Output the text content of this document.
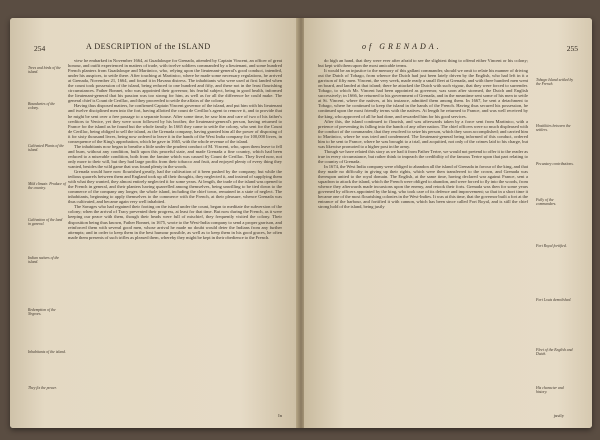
254	A DESCRIPTION of the ISLAND
Trees and birds of the island.
Boundaries of the colony.
Cultivated Plants of the island.
Mild climate. Produce of the country.
Cultivation of the land in general.
Indian natives of the island.
Redemption of the Negroes.
Inhabitants of the island.
They fix the power.

view he embarked in November 1664, at Guadaloupe for Grenada, attended by Captain Vincent, an officer of great honour, and outfit experienced in matters of trade, with twelve soldiers commanded by a lieutenant, and some hundred French planters from Guadaloupe and Martinico, who, relying upon the lieutenant-general's good conduct, intended, under his auspices, to settle there. After touching at Martinico, where he made some necessary regulations, he arrived at Grenada, November 21, 1664, and found it in Havana distress. The inhabitants who were used at first landed when the count took possession of the island, being reduced to one hundred and fifty, and these not in the least flourishing circumstances. Father Bonnet, who was appointed their governor, his fearful subject, being in good health, informed the lieutenant-general that his passion was too strong for him, as well as for all the difference he could make. The general chief is Count de Cerillac, and they proceeded to settle the affairs of the colony.

Having thus disposed matters, he confirmed Captain Vincent governor of the island, and put him with his lieutenant and twelve disciplined men into the fort, having allotted the count de Cerillac's agent to remove it, and to provide that he might be sent over a free passage to a separate house. After some time, he saw him and care of two of his father's creditors to Venice, yet they were soon followed by his brother, the lieutenant-general's person, having returned to France for the island as be found but the whole family. In 1665 they came to settle the colony, who sent for the Count de Cerillac, being obliged to sell the island, as the Grenada company, having granted him all the power of disposing of it for sixty thousand livres, being now ordered to leave it in the hands of the West India company for 100,000 livres, in consequence of the King's approbation, which he gave in 1665, with the whole revenue of the island.

The inhabitants now began to breathe a little under the prudent conduct of M. Vincent, who, upon them leave to fell and burn, without any condition, built upon this peaceful state, and made Grenada a fine country, which had been reduced to a miserable condition, both from the famine which was caused by Count de Cerillac. They lived now, not only more to their will, but they had large profits from their tobacco and fruit, and enjoyed plenty of every thing they wanted, besides the wild game that was found plenty in the woods.

Grenada would have now flourished greatly, had the cultivation of it been pushed by the company; but while the tedious quarrels between them and England took up all their thoughts, they neglected it, and instead of supplying them with what they wanted, they almost entirely neglected it for some years. At length, the trade of the island was opened to the French in general, and their planters having quarrelled among themselves, being unwilling to be tied down to the commerce of the company any longer, the whole island, including the chief town, remained in a state of neglect. The inhabitants, beginning to apply themselves to the commerce with the French, at their pleasure, whence Grenada was thus cultivated, and became again very well inhabited.

The Savages who had regained their footing on the island under the count, began to meditate the subversion of the colony; when the arrival of Tracy prevented their progress, at least for that time. But now during the French, as it were keeping our peace with them, though their heads were full of mischief, they frequently visited the colony. Their disposition being thus known, Father Bonnet, in 1675, wrote to the West-India company to send a proper garrison, and reinforced them with several good men, whose arrival he made no doubt would deter the Indians from any further attempts; and in order to keep them in the best humour possible, as well as to keep them in his good graces, he often made them presents of such trifles as pleased them, whereby they might be kept in their obedience to the French.

In
of GRENADA.	255

do high an hand, that they were ever after afraid to see the slightest thing to offend either Vincent or his colony; but kept with them upon the most amicable terms.

It would be an injustice to the memory of this gallant commander, should we omit to relate his manner of driving out the Dutch of Tobago, from whence the Dutch had just been lately driven by the English, who had left in it a garrison of fifty men. Vincent, the very week, made ready a small fleet at Grenada, and with three hundred men went on board, and landed at that island; there he attacked the Dutch with such vigour, that they were forced to surrender. Tobago, to which Mr. Vincent had been appointed as governor, was soon after stormed, the Dutch and English successively; in 1666, he returned to his government of Grenada, and in the meantime sent some of his men to settle at St. Vincent, where the natives, at his instance, admitted them among them. In 1667, he sent a detachment to Tobago, where he continued to keep the island in the hands of the French. Having thus secured his possession, he continued upon the most friendly terms with the natives. At length he returned to France, and was well received by the king, who approved of all he had done, and rewarded him for his good services.

After this, the island continued to flourish, and was afterwards taken by a force sent from Martinico, with a pretence of preventing its falling into the hands of any other nation. The chief officers were so much displeased with the conduct of the commander, that they resolved to seize his person, which they soon accomplished; and carried him to Martinico, where he was tried and condemned. The lieutenant-general being informed of this conduct, ordered him to be sent to France, where he was brought to a trial, and acquitted, not only of the crimes laid to his charge, but was likewise promoted to a higher post in the army.

Though we have related this story as we had it from Father Tertre, we would not pretend to offer it to the reader as true in every circumstance, but rather think to impeach the credibility of the famous Tertre upon that part relating to the country of Grenada.

In 1674, the West India company were obliged to abandon all the island of Grenada in favour of the king, and that they made no difficulty in giving up their rights, which were then transferred to the crown, and Grenada was thereupon united to the royal domain. The English, at the same time, having declared war against France, sent a squadron to attack the island, which the French were obliged to abandon, and were forced to fly into the woods, from whence they afterwards made incursions upon the enemy, and retook their forts. Grenada was then for some years governed by officers appointed by the king, who took care of its defence and improvement; so that in a short time it became one of the most flourishing colonies in the West-Indies. It was at this time, that the governor built a fort at the entrance of the harbour, and fortified it with cannon, which has been since called Fort Royal, and is still the chief strong hold of the island, being justly

Tobago Island settled by the French.
Hostilities between the settlers.
Pecuniary contributions.
Fully of the commanders.
Fort Royal fortified.
Fort Louis demolished.
Fleet of the English and Dutch.
His character and history.
justly
